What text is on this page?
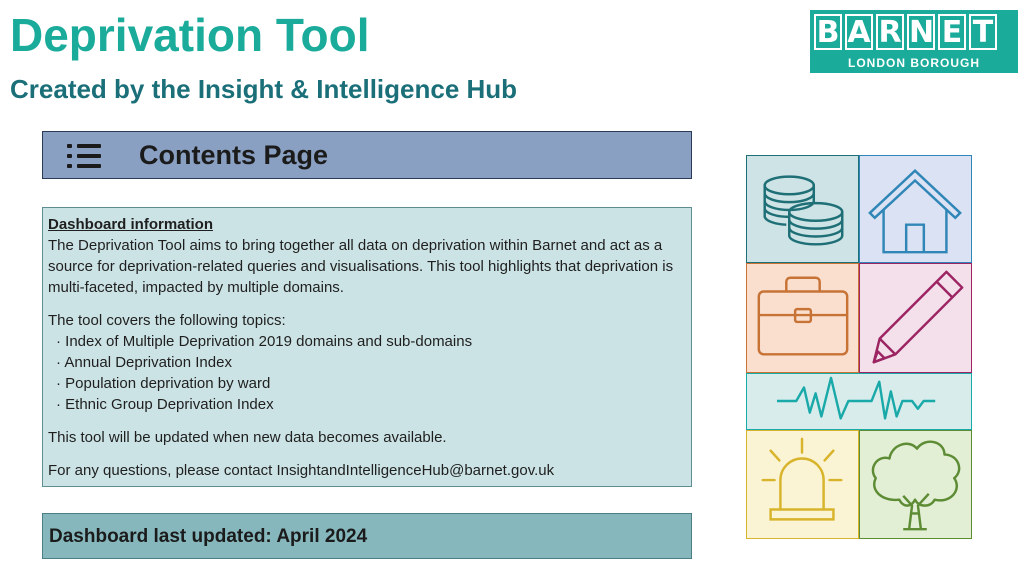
Deprivation Tool
Created by the Insight & Intelligence Hub
B A R N E T
LONDON BOROUGH
Contents Page

Dashboard information

The Deprivation Tool aims to bring together all data on deprivation within Barnet and act as a source for deprivation-related queries and visualisations. This tool highlights that deprivation is multi-faceted, impacted by multiple domains.

The tool covers the following topics:

· Index of Multiple Deprivation 2019 domains and sub-domains

· Annual Deprivation Index

· Population deprivation by ward

· Ethnic Group Deprivation Index

This tool will be updated when new data becomes available.

For any questions, please contact InsightandIntelligenceHub@barnet.gov.uk

Dashboard last updated: April 2024
